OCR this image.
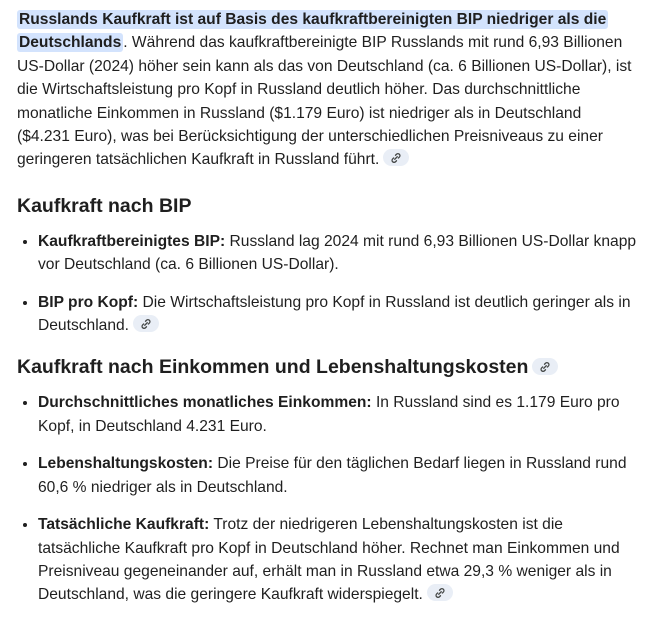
Russlands Kaufkraft ist auf Basis des kaufkraftbereinigten BIP niedriger als die Deutschlands . Während das kaufkraftbereinigte BIP Russlands mit rund 6,93 Billionen US-Dollar (2024) höher sein kann als das von Deutschland (ca. 6 Billionen US-Dollar), ist die Wirtschaftsleistung pro Kopf in Russland deutlich höher. Das durchschnittliche monatliche Einkommen in Russland ($1.179 Euro) ist niedriger als in Deutschland ($4.231 Euro), was bei Berücksichtigung der unterschiedlichen Preisniveaus zu einer geringeren tatsächlichen Kaufkraft in Russland führt.

Kaufkraft nach BIP
• Kaufkraftbereinigtes BIP: Russland lag 2024 mit rund 6,93 Billionen US-Dollar knapp vor Deutschland (ca. 6 Billionen US-Dollar).
• BIP pro Kopf: Die Wirtschaftsleistung pro Kopf in Russland ist deutlich geringer als in Deutschland.
Kaufkraft nach Einkommen und Lebenshaltungskosten
• Durchschnittliches monatliches Einkommen: In Russland sind es 1.179 Euro pro Kopf, in Deutschland 4.231 Euro.
• Lebenshaltungskosten: Die Preise für den täglichen Bedarf liegen in Russland rund 60,6 % niedriger als in Deutschland.
• Tatsächliche Kaufkraft: Trotz der niedrigeren Lebenshaltungskosten ist die tatsächliche Kaufkraft pro Kopf in Deutschland höher. Rechnet man Einkommen und Preisniveau gegeneinander auf, erhält man in Russland etwa 29,3 % weniger als in Deutschland, was die geringere Kaufkraft widerspiegelt.
